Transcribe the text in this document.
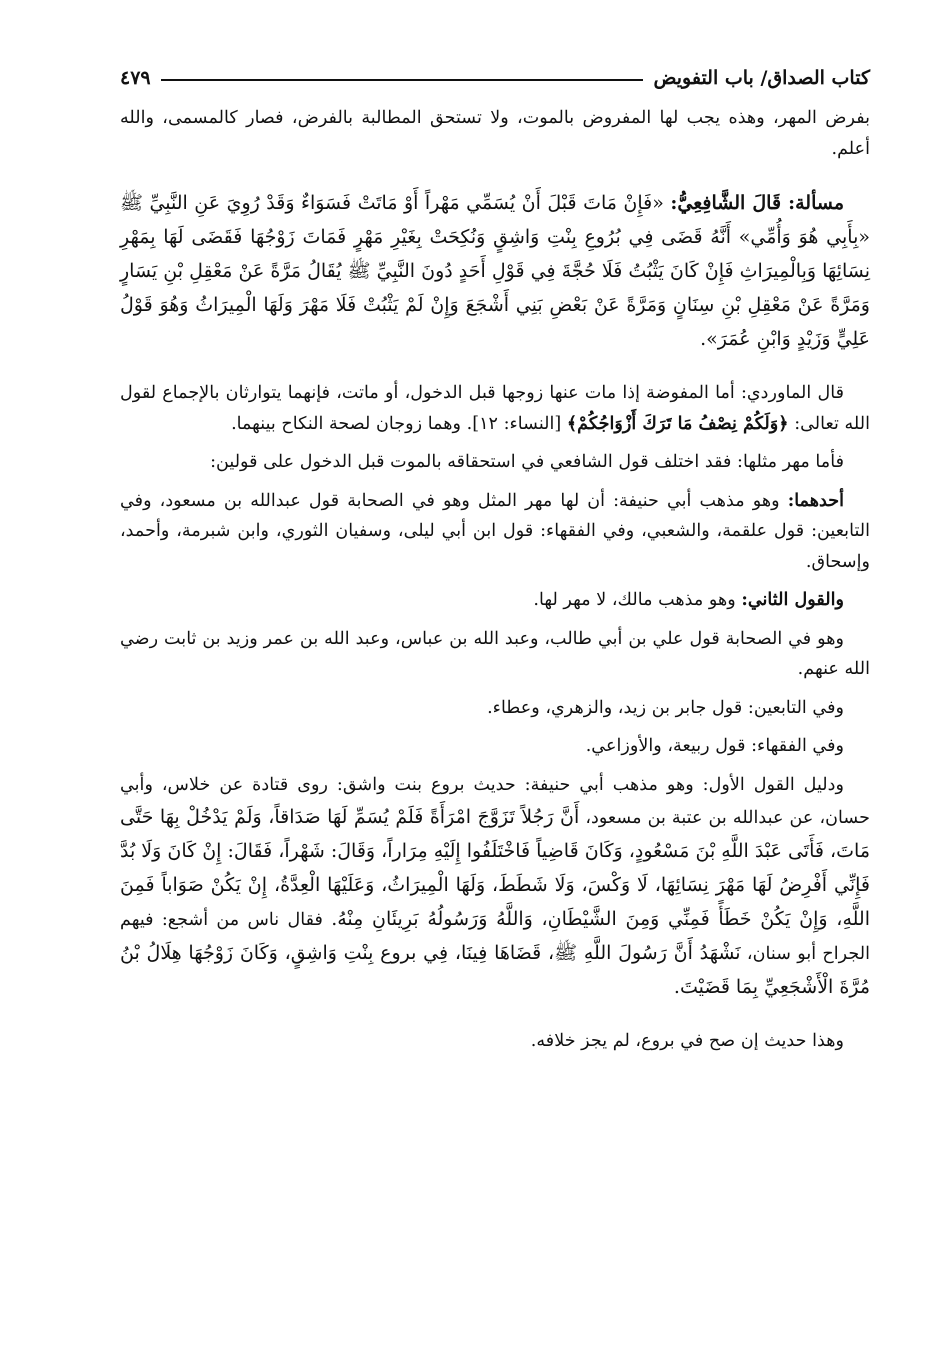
كتاب الصداق/ باب التفويض
٤٧٩

بفرض المهر، وهذه يجب لها المفروض بالموت، ولا تستحق المطالبة بالفرض، فصار كالمسمى، والله أعلم.

مسألة: قَالَ الشَّافِعِيُّ: «فَإِنْ مَاتَ قَبْلَ أَنْ يُسَمِّي مَهْراً أَوْ مَاتَتْ فَسَوَاءٌ وَقَدْ رُوِيَ عَنِ النَّبِيِّ ﷺ «بِأَبِي هُوَ وَأُمِّي» أَنَّهُ قَضَى فِي بُرُوعِ بِنْتِ وَاشِقٍ وَنُكِحَتْ بِغَيْرِ مَهْرٍ فَمَاتَ زَوْجُهَا فَقَضَى لَهَا بِمَهْرِ نِسَائِهَا وَبِالْمِيرَاثِ فَإِنْ كَانَ يَثْبُتُ فَلَا حُجَّةَ فِي قَوْلِ أَحَدٍ دُونَ النَّبِيِّ ﷺ يُقَالُ مَرَّةً عَنْ مَعْقِلِ بْنِ يَسَارٍ وَمَرَّةً عَنْ مَعْقِلِ بْنِ سِنَانٍ وَمَرَّةً عَنْ بَعْضِ بَنِي أَشْجَعَ وَإِنْ لَمْ يَثْبُتْ فَلَا مَهْرَ وَلَهَا الْمِيرَاثُ وَهُوَ قَوْلُ عَلِيٍّ وَزَيْدٍ وَابْنِ عُمَرَ».

قال الماوردي: أما المفوضة إذا مات عنها زوجها قبل الدخول، أو ماتت، فإنهما يتوارثان بالإجماع لقول الله تعالى: ﴿وَلَكُمْ نِصْفُ مَا تَرَكَ أَزْوَاجُكُمْ﴾ [النساء: ١٢]. وهما زوجان لصحة النكاح بينهما.

فأما مهر مثلها: فقد اختلف قول الشافعي في استحقاقه بالموت قبل الدخول على قولين:

أحدهما: وهو مذهب أبي حنيفة: أن لها مهر المثل وهو في الصحابة قول عبدالله بن مسعود، وفي التابعين: قول علقمة، والشعبي، وفي الفقهاء: قول ابن أبي ليلى، وسفيان الثوري، وابن شبرمة، وأحمد، وإسحاق.

والقول الثاني: وهو مذهب مالك، لا مهر لها.

وهو في الصحابة قول علي بن أبي طالب، وعبد الله بن عباس، وعبد الله بن عمر وزيد بن ثابت رضي الله عنهم.

وفي التابعين: قول جابر بن زيد، والزهري، وعطاء.

وفي الفقهاء: قول ربيعة، والأوزاعي.

ودليل القول الأول: وهو مذهب أبي حنيفة: حديث بروع بنت واشق: روى قتادة عن خلاس، وأبي حسان، عن عبدالله بن عتبة بن مسعود، أَنَّ رَجُلاً تَزَوَّجَ امْرَأَةً فَلَمْ يُسَمِّ لَهَا صَدَاقاً، وَلَمْ يَدْخُلْ بِهَا حَتَّى مَاتَ، فَأَتَى عَبْدَ اللَّهِ بْنَ مَسْعُودٍ، وَكَانَ قَاضِياً فَاخْتَلَفُوا إِلَيْهِ مِرَاراً، وَقَالَ: شَهْراً، فَقَالَ: إِنْ كَانَ وَلَا بُدَّ فَإِنِّي أَفْرِضُ لَهَا مَهْرَ نِسَائِهَا، لَا وَكْسَ، وَلَا شَطَطَ، وَلَهَا الْمِيرَاثُ، وَعَلَيْهَا الْعِدَّةُ، إِنْ يَكُنْ صَوَاباً فَمِنَ اللَّهِ، وَإِنْ يَكُنْ خَطَأً فَمِنِّي وَمِنَ الشَّيْطَانِ، وَاللَّهُ وَرَسُولُهُ بَرِيئَانِ مِنْهُ. فقال ناس من أشجع: فيهم الجراح أبو سنان، نَشْهَدُ أَنَّ رَسُولَ اللَّهِ ﷺ، قَضَاهَا فِينَا، فِي بروع بِنْتِ وَاشِقٍ، وَكَانَ زَوْجُهَا هِلَالُ بْنُ مُرَّةَ الْأَشْجَعِيِّ بِمَا قَضَيْتَ.

وهذا حديث إن صح في بروع، لم يجز خلافه.
